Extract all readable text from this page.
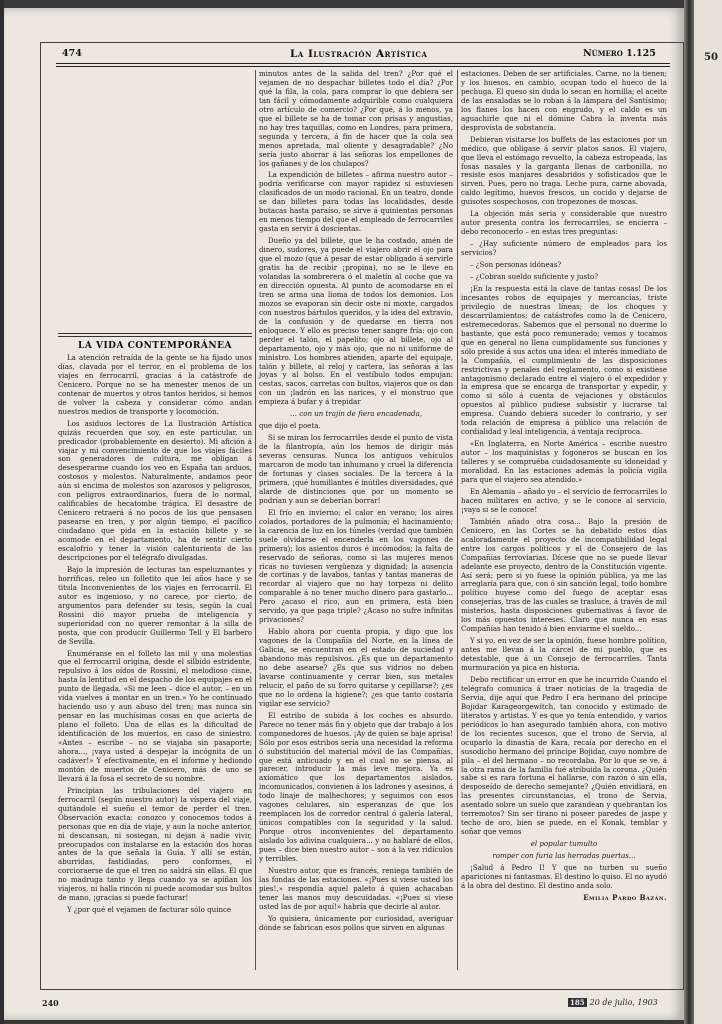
50
474	La Ilustración Artística	Número 1.125
LA VIDA CONTEMPORÁNEA

La atención retraída de la gente se ha fijado unos días, clavada por el terror, en el problema de los viajes en ferrocarril, gracias á la catástrofe de Cenicero. Porque no se ha menester menos de un contenar de muertos y otros tantos heridos, si hemos de volver la cabeza y considerar cómo andan nuestros medios de transporte y locomoción.

Los asiduos lectores de La Ilustración Artística quizás recuerden que soy, en este particular, un predicador (probablemente en desierto). Mi afición á viajar y mi convencimiento de que los viajes fáciles son generadores de cultura, me obligan á desesperarme cuando los veo en España tan arduos, costosos y molestos. Naturalmente, andamos peor aún si encima de molestos son azarosos y peligrosos, con peligros extraordinarios, fuera de lo normal, calificables de hecatombe trágica. El desastre de Cenicero retraerá á no pocos de los que pensasen pasearse en tren, y por algún tiempo, el pacífico ciudadano que pida en la estación billete y se acomode en el departamento, ha de sentir cierto escalofrío y tener la visión calenturienta de las descripciones por el telégrafo divulgadas.

Bajo la impresión de lecturas tan espeluznantes y horríficas, releo un folletito que leí años hace y se titula Inconvenientes de los viajes en ferrocarril. El autor es ingenioso, y no carece, por cierto, de argumentos para defender su tesis, según la cual Rossini dió mayor prueba de inteligencia y superioridad con no querer remontar á la silla de posta, que con producir Guillermo Tell y El barbero de Sevilla.

Enuméranse en el folleto las mil y una molestias que el ferrocarril origina, desde el silbido estridente, repulsivo á los oídos de Rossini, el melodioso cisne, hasta la lentitud en el despacho de los equipajes en el punto de llegada. «Si me leen – dice el autor, – en un vida vuelves á montar en un tren.» Yo he continuado haciendo uso y aun abuso del tren; mas nunca sin pensar en las muchísimas cosas en que acierta de plano el folleto. Una de ellas es la dificultad de identificación de los muertos, en caso de siniestro. «Antes – escribe – no se viajaba sin pasaporte; ahora..., ¡vaya usted á despejar la incógnita de un cadáver!» Y efectivamente, en el informe y hediondo montón de muertos de Cenicero, más de uno se llevará á la fosa el secreto de su nombre.

Principian las tribulaciones del viajero en ferrocarril (según nuestro autor) la víspera del viaje, quitándole el sueño el temor de perder el tren. Observación exacta: conozco y conocemos todos á personas que en día de viaje, y aun la noche anterior, ni descansan, ni sosiegan, ni dejan á nadie vivir, preocupados con instalarse en la estación dos horas antes de la que señala la Guía. Y allí se están, aburridas, fastidiadas, pero conformes, el corcioraerse de que el tren no saldrá sin ellas. El que no madruga tanto y llega cuando ya se apiñan los viajeros, ni halla rincón ni puede acomodar sus bultos de mano, ¡gracias si puede facturar!

Y ¿por qué el vejamen de facturar sólo quince

minutos antes de la salida del tren? ¿Por qué el vejamen de no despachar billetes todo el día? ¿Por qué la fila, la cola, para comprar lo que debiera ser tan fácil y cómodamente adquirible como cualquiera otro artículo de comercio? ¿Por qué, á lo menos, ya que el billete se ha de tomar con prisas y angustias, no hay tres taquillas, como en Londres, para primera, segunda y tercera, á fin de hacer que la cola sea menos apretada, mal oliente y desagradable? ¿No sería justo ahorrar á las señoras los empellones de los gañanes y de los chulapos?

La expendición de billetes – afirma nuestro autor – podría verificarse con mayor rapidez si estuviesen clasificados de un modo racional. En un teatro, donde se dan billetes para todas las localidades, desde butacas hasta paraíso, se sirve á quinientas personas en menos tiempo del que el empleado de ferrocarriles gasta en servir á doscientas.

Dueño ya del billete, que le ha costado, amén de dinero, sudores, ya puede el viajero abrir el ojo para que el mozo (que á pesar de estar obligado á servirle gratis ha de recibir ¡propina), no se le lleve en volandas la sombrerera ó el maletín al coche que va en dirección opuesta. Al punto de acomodarse en el tren se arma una lioma de todos los demonios. Los mozos se evaporan sin decir oste ni moxte, cargados con nuestros bártulos queridos, y la idea del extravío, de la confusión y de quedarse en tierra nos enloquece. Y ello es preciso tener sangre fría: ojo con perder el talón, el papelito; ojo al billete, ojo al departamento, ojo y más ojo, que no ni uniforme de ministro. Los hombres atienden, aparte del equipaje, talón y billete, al reloj y cartera, las señoras á las joyas y al bolso. En el vestíbulo todos empujan: cestas, sacos, carretas con bultos, viajeros que os dan con un ¡ladrón en las narices, y el monstruo que empieza á bufar y á trepidar

… con un trajín de fiera encadenada,

que dijo el poeta.

Si se miran los ferrocarriles desde el punto de vista de la filantropía, aún los hemos de dirigir más severas censuras. Nunca los antiguos vehículos marcaron de modo tan inhumano y cruel la diferencia de fortunas y clases sociales. De la tercera á la primera, ¡qué humillantes é inútiles diversidades, qué alarde de distinciones que por un momento se podrían y aun se deberían borrar!

El frío en invierno; el calor en verano; los aires colados, portadores de la pulmonía; el hacinamiento; la carencia de luz en los túneles (verdad que también suele olvidarse el encenderla en los vagones de primera); los asientos duros é incómodos; la falta de reservado de señoras, como si las mujeres menos ricas no tuviesen vergüenza y dignidad; la ausencia de cortinas y de lavabos, tantas y tantas maneras de recordar al viajero que no hay torpeza ni delito comparable á no tener mucho dinero para gastarlo... Pero ¿acaso el rico, aun en primera, está bien servido, ya que paga triple? ¿Acaso no sufre infinitas privaciones?

Hablo ahora por cuenta propia, y digo que los vagones de la Compañía del Norte, en la línea de Galicia, se encuentran en el estado de suciedad y abandono más repulsivos. ¿Es que un departamento no debe asearse? ¿Es que sus vidrios no deben lavarse continuamente y cerrar bien, sus metales relucir, el paño de su forro quitarse y cepillarse?; ¿es que no lo ordena la higiene?; ¿es que tanto costaría vigilar ese servicio?

El estribo de subida á los coches es absurdo. Parece no tener más fin y objeto que dar trabajo á los componedores de huesos. ¡Ay de quien se baje aprisa! Sólo por esos estribos sería una necesidad la reforma ó substitución del material móvil de las Compañías, que está anticuado y en el cual no se piensa, al parecer, introducir la más leve mejora. Ya es axiomático que los departamentos aislados, incomunicados, convienen á los ladrones y asesinos, á todo linaje de malhechores; y seguimos con esos vagones celulares, sin esperanzas de que los reemplacen los de corredor central ó galería lateral, únicos compatibles con la seguridad y la salud. Porque otros inconvenientes del departamento aislado los adivina cualquiera... y no hablaré de ellos, pues – dice bien nuestro autor – son á la vez ridículos y terribles.

Nuestro autor, que es francés, reniega también de las fondas de las estaciones. «¡Pues si viese usted los pies!,» respondía aquel paleto á quien achacaban tener las manos muy descuidadas. «¡Pues si viese usted las de por aquí!» habría que decirle al autor.

Yo quisiera, únicamente por curiosidad, averiguar dónde se fabrican esos pollos que sirven en algunas

estaciones. Deben de ser artificiales. Carne, no la tienen; y los huesos, en cambio, ocupan todo el hueco de la pechuga. El queso sin duda lo secan en hornilla; el aceite de las ensaladas se lo roban á la lámpara del Santísimo; los flanes los hacen con engrudo, y el caldo es un aguachirle que ni el dómine Cabra la inventa más desprovista de substancia.

Debieran visitarse los buffets de las estaciones por un médico, que obligase á servir platos sanos. El viajero, que lleva el estómago revuelto, la cabeza estropeada, las fosas nasales y la garganta llenas de carbonilla, no resiste esos manjares desabridos y sofisticados que le sirven. Pues, pero no traga. Leche pura, carne abovada, caldo legítimo, huevos frescos, un cocido y dejarse de guisotes sospechosos, con tropezones de moscas.

La objeción más seria y considerable que nuestro autor presenta contra los ferrocarriles, se encierra – debo reconocerlo – en estas tres preguntas:

– ¿Hay suficiente número de empleados para los servicios?

– ¿Son personas idóneas?

– ¿Cobran sueldo suficiente y justo?

¡En la respuesta está la clave de tantas cosas! De los incesantes robos de equipajes y mercancías, triste privilegio de nuestras líneas; de los choques y descarrilamientos; de catástrofes como la de Cenicero, estremecedoras. Sabemos que el personal no duerme lo bastante, que está poco remunerado; vemos y tocamos que en general no llena cumplidamente sus funciones y sólo preside á sus actos una idea: el interés inmediato de la Compañía, el cumplimiento de las disposiciones restrictivas y penales del reglamento, como si existiese antagonismo declarado entre el viajero ó el expedidor y la empresa que se encarga de transportar y expedir, y como si sólo á cuenta de vejaciones y obstáculos opuestos al público pudiese subsistir y lucrarse tal empresa. Cuando debiera suceder lo contrario, y ser toda relación de empresa á público una relación de cordialidad y leal inteligencia, á ventaja recíproca.

«En Inglaterra, en Norte América – escribe nuestro autor – los maquinistas y fogoneros se buscan en los talleres y se compruéba cuidadosamente su idoneidad y moralidad. En las estaciones además la policía vigila para que el viajero sea atendido.»

En Alemania – añado yo – el servicio de ferrocarriles lo hacen militares en activo, y se le conoce al servicio, ¡vaya si se le conoce!

También añado otra cosa... Bajo la presión de Cenicero, en las Cortes se ha debatido estos días acaloradamente el proyecto de incompatibilidad legal entre los cargos políticos y el de Consejero de las Compañías ferroviarias. Dícese que no se puede llevar adelante ese proyecto, dentro de la Constitución vigente. Así será; pero si yo fuese la opinión pública, ya me las arreglaría para que, con ó sin sanción legal, todo hombre político huyese como del fuego de aceptar esas consejerías, tras de las cuales se trasluce, á través de mil misterios, hasta disposiciones gubernativas á favor de los más opuestos intereses. Claro que nunca en esas Compañías han tenido á bien enviarme el sueldo...

Y si yo, en vez de ser la opinión, fuese hombre político, antes me llevan á la cárcel de mi pueblo, que es detestable, que á un Consejo de ferrocarriles. Tanta murmuración ya pica en historia.

Debo rectificar un error en que he incurrido Cuando el telégrafo comunica á traer noticias de la tragedia de Servia, dije aquí que Pedro I era hermano del príncipe Bojidar Karageorgewitch, tan conocido y estimado de literatos y artistas. Y es que yo tenía entendido, y varios periódicos lo han asegurado también ahora, con motivo de los recientes sucesos, que el trono de Servia, al ocuparlo la dinastía de Kara, recaía por derecho en el susodicho hermano del príncipe Bojidar, cuyo nombre de pila – el del hermano – no recordaba. Por lo que se ve, á la otra rama de la familia fué atribuida la corona. ¿Quién sabe si es rara fortuna el hallarse, con razón ó sin ella, desposeído de derecho semejante? ¿Quién envidiará, en las presentes circunstancias, el trono de Servia, asentado sobre un suelo que zarandean y quebrantan los terremotos? Sin ser tirano ni poseer paredes de jaspe y techo de oro, bien se puede, en el Konak, temblar y soñar que vemos

el popular tumulto

romper con furia las herradas puertas...

¡Salud á Pedro I! Y que no turben su sueño apariciones ni fantasmas. El destino lo quiso. El no ayudó á la obra del destino. El destino anda solo.

Emilia Pardo Bazán.

240	185 20 de julio, 1903
